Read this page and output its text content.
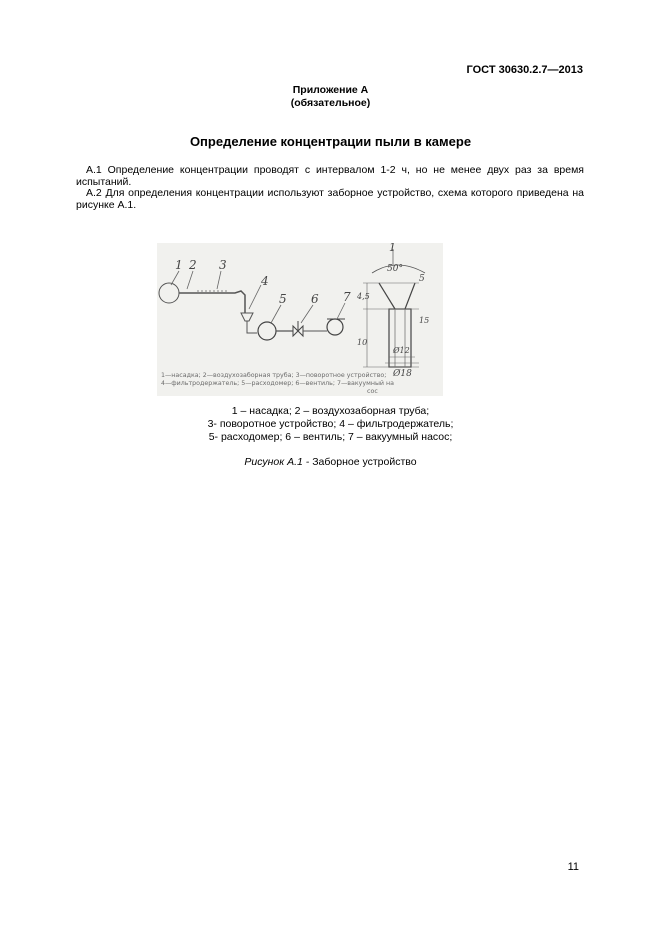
ГОСТ 30630.2.7—2013
Приложение А
(обязательное)
Определение концентрации пыли в камере
А.1 Определение концентрации проводят с интервалом 1-2 ч, но не менее двух раз за время испытаний.
А.2 Для определения концентрации используют заборное устройство, схема которого приведена на рисунке А.1.
1 2 3
4
5 6 7
1
50°
5
4,5
10
15
Ø12
Ø18
1—насадка; 2—воздухозаборная труба; 3—поворотное устройство;
4—фильтродержатель; 5—расходомер; 6—вентиль; 7—вакуумный на
сос
1 – насадка; 2 – воздухозаборная труба;
3- поворотное устройство; 4 – фильтродержатель;
5- расходомер; 6 – вентиль; 7 – вакуумный насос;
Рисунок А.1 - Заборное устройство
11
